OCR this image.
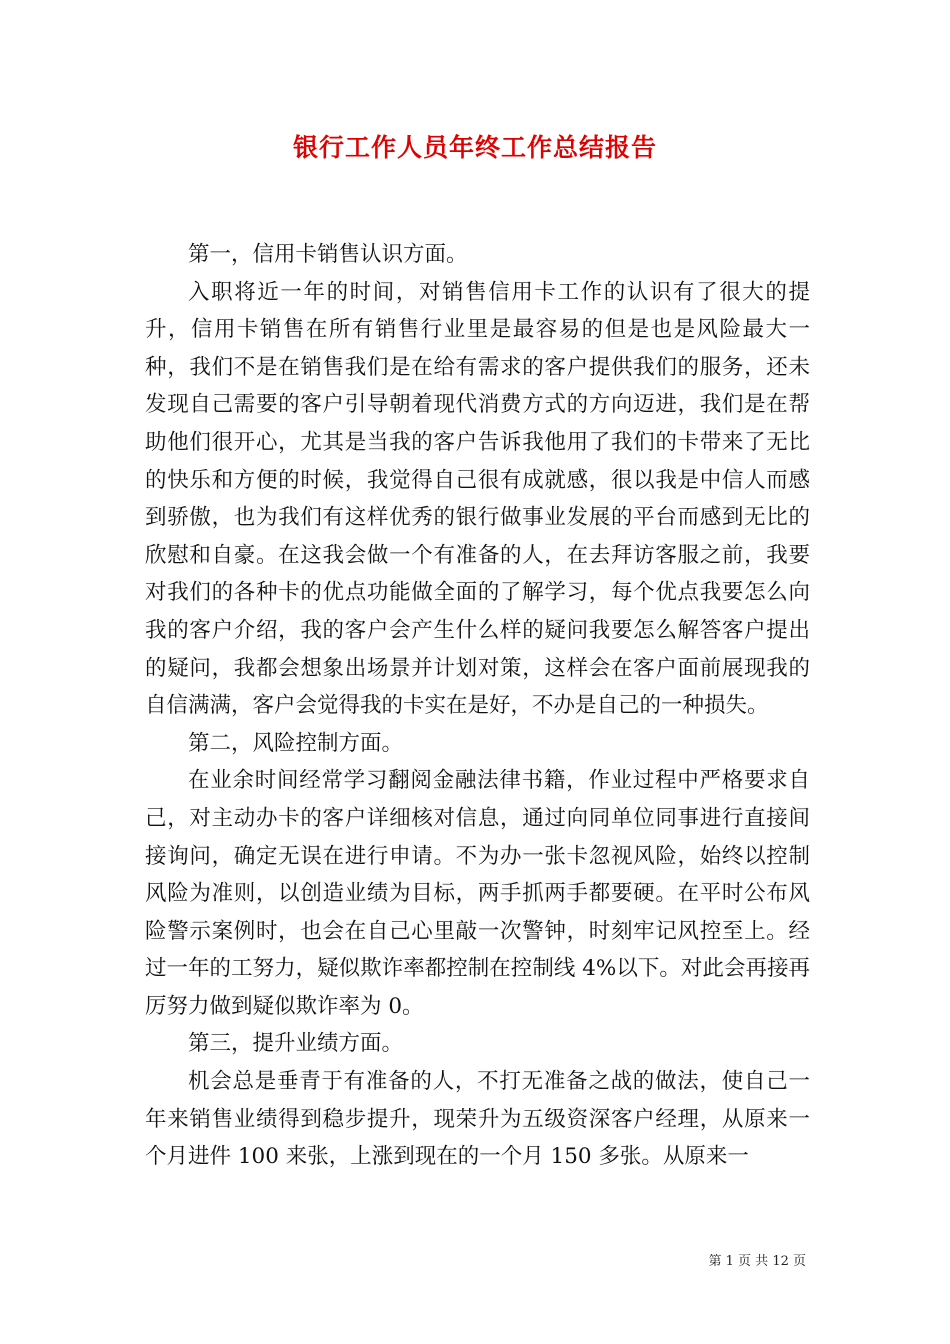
银行工作人员年终工作总结报告

第一，信用卡销售认识方面。

入职将近一年的时间，对销售信用卡工作的认识有了很大的提升，信用卡销售在所有销售行业里是最容易的但是也是风险最大一种，我们不是在销售我们是在给有需求的客户提供我们的服务，还未发现自己需要的客户引导朝着现代消费方式的方向迈进，我们是在帮助他们很开心，尤其是当我的客户告诉我他用了我们的卡带来了无比的快乐和方便的时候，我觉得自己很有成就感，很以我是中信人而感到骄傲，也为我们有这样优秀的银行做事业发展的平台而感到无比的欣慰和自豪。在这我会做一个有准备的人，在去拜访客服之前，我要对我们的各种卡的优点功能做全面的了解学习，每个优点我要怎么向我的客户介绍，我的客户会产生什么样的疑问我要怎么解答客户提出的疑问，我都会想象出场景并计划对策，这样会在客户面前展现我的自信满满，客户会觉得我的卡实在是好，不办是自己的一种损失。

第二，风险控制方面。

在业余时间经常学习翻阅金融法律书籍，作业过程中严格要求自己，对主动办卡的客户详细核对信息，通过向同单位同事进行直接间接询问，确定无误在进行申请。不为办一张卡忽视风险，始终以控制风险为准则，以创造业绩为目标，两手抓两手都要硬。在平时公布风险警示案例时，也会在自己心里敲一次警钟，时刻牢记风控至上。经过一年的工努力，疑似欺诈率都控制在控制线 4%以下。对此会再接再厉努力做到疑似欺诈率为 0。

第三，提升业绩方面。

机会总是垂青于有准备的人，不打无准备之战的做法，使自己一年来销售业绩得到稳步提升，现荣升为五级资深客户经理，从原来一个月进件 100 来张，上涨到现在的一个月 150 多张。从原来一

第 1 页 共 12 页
